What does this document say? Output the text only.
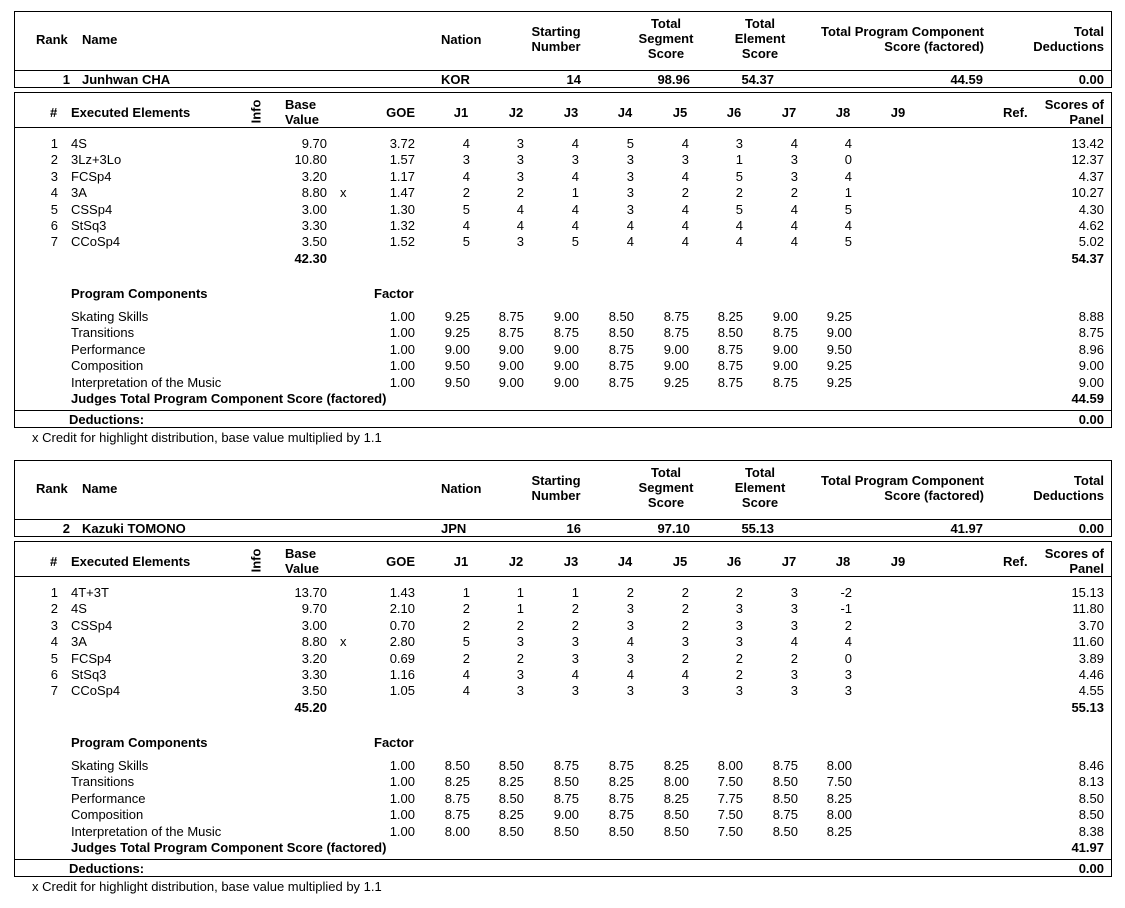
Rank Name	Nation
Starting
Number
Total
Segment
Score
Total
Element
Score
Total Program Component
Score (factored)
Total
Deductions
1 Junhwan CHA	KOR	14	98.96	54.37	44.59	0.00
# Executed Elements	Info Base
Value	GOE	J1	J2	J3	J4	J5	J6	J7	J8	J9	Ref.
Scores of
Panel
1 4S	9.70	3.72	4	3	4	5	4	3	4	4	13.42
2 3Lz+3Lo	10.80	1.57	3	3	3	3	3	1	3	0	12.37
3 FCSp4	3.20	1.17	4	3	4	3	4	5	3	4	4.37
4 3A	8.80 x	1.47	2	2	1	3	2	2	2	1	10.27
5 CSSp4	3.00	1.30	5	4	4	3	4	5	4	5	4.30
6 StSq3	3.30	1.32	4	4	4	4	4	4	4	4	4.62
7 CCoSp4	3.50	1.52	5	3	5	4	4	4	4	5	5.02
42.30	54.37
Program Components	Factor
Skating Skills	1.00	9.25	8.75	9.00	8.50	8.75	8.25	9.00	9.25	8.88
Transitions	1.00	9.25	8.75	8.75	8.50	8.75	8.50	8.75	9.00	8.75
Performance	1.00	9.00	9.00	9.00	8.75	9.00	8.75	9.00	9.50	8.96
Composition	1.00	9.50	9.00	9.00	8.75	9.00	8.75	9.00	9.25	9.00
Interpretation of the Music	1.00	9.50	9.00	9.00	8.75	9.25	8.75	8.75	9.25	9.00
Judges Total Program Component Score (factored)	44.59
Deductions:	0.00
x Credit for highlight distribution, base value multiplied by 1.1
Rank Name	Nation
Starting
Number
Total
Segment
Score
Total
Element
Score
Total Program Component
Score (factored)
Total
Deductions
2 Kazuki TOMONO	JPN	16	97.10	55.13	41.97	0.00
# Executed Elements	Info Base
Value	GOE	J1	J2	J3	J4	J5	J6	J7	J8	J9	Ref.
Scores of
Panel
1 4T+3T	13.70	1.43	1	1	1	2	2	2	3	-2	15.13
2 4S	9.70	2.10	2	1	2	3	2	3	3	-1	11.80
3 CSSp4	3.00	0.70	2	2	2	3	2	3	3	2	3.70
4 3A	8.80 x	2.80	5	3	3	4	3	3	4	4	11.60
5 FCSp4	3.20	0.69	2	2	3	3	2	2	2	0	3.89
6 StSq3	3.30	1.16	4	3	4	4	4	2	3	3	4.46
7 CCoSp4	3.50	1.05	4	3	3	3	3	3	3	3	4.55
45.20	55.13
Program Components	Factor
Skating Skills	1.00	8.50	8.50	8.75	8.75	8.25	8.00	8.75	8.00	8.46
Transitions	1.00	8.25	8.25	8.50	8.25	8.00	7.50	8.50	7.50	8.13
Performance	1.00	8.75	8.50	8.75	8.75	8.25	7.75	8.50	8.25	8.50
Composition	1.00	8.75	8.25	9.00	8.75	8.50	7.50	8.75	8.00	8.50
Interpretation of the Music	1.00	8.00	8.50	8.50	8.50	8.50	7.50	8.50	8.25	8.38
Judges Total Program Component Score (factored)	41.97
Deductions:	0.00
x Credit for highlight distribution, base value multiplied by 1.1
